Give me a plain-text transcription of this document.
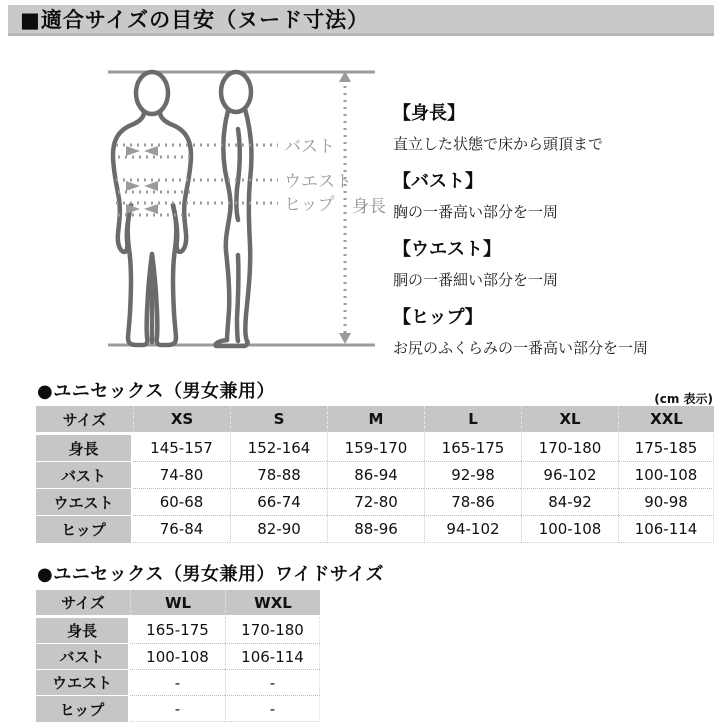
■適合サイズの目安（ヌード寸法）
バスト
ウエスト
ヒップ 身長
【身長】
直立した状態で床から頭頂まで
【バスト】
胸の一番高い部分を一周
【ウエスト】
胴の一番細い部分を一周
【ヒップ】
お尻のふくらみの一番高い部分を一周
●ユニセックス（男女兼用）	(cm 表示)
サイズ	XS	S	M	L	XL	XXL
身長	145-157	152-164	159-170	165-175	170-180	175-185
バスト	74-80	78-88	86-94	92-98	96-102	100-108
ウエスト	60-68	66-74	72-80	78-86	84-92	90-98
ヒップ	76-84	82-90	88-96	94-102	100-108	106-114
●ユニセックス（男女兼用）ワイドサイズ
サイズ	WL	WXL
身長	165-175	170-180
バスト	100-108	106-114
ウエスト	-	-
ヒップ	-	-
